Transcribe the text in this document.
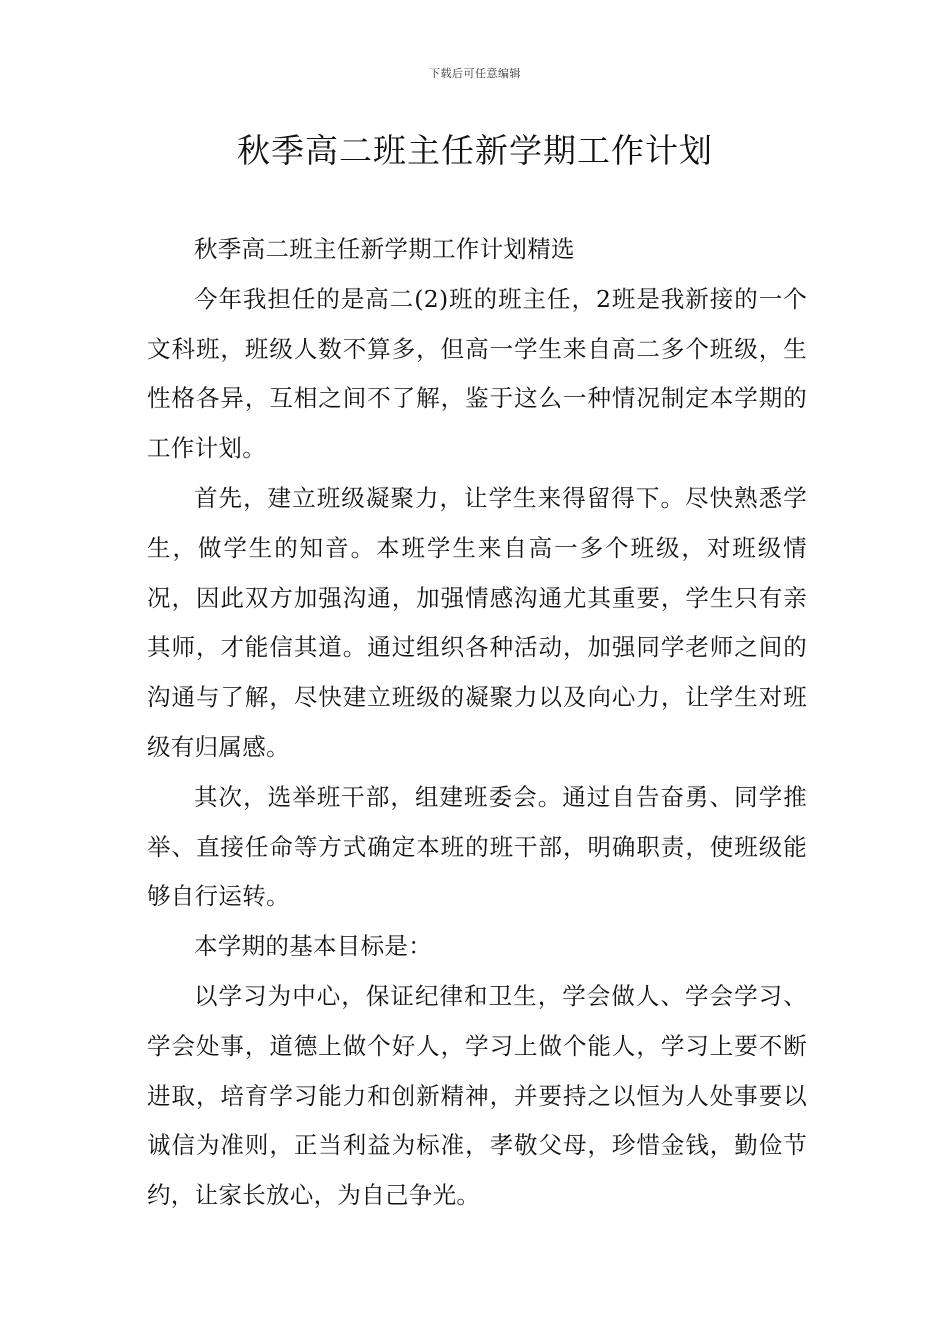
下载后可任意编辑
秋季高二班主任新学期工作计划

秋季高二班主任新学期工作计划精选

今年我担任的是高二(2)班的班主任，2班是我新接的一个文科班，班级人数不算多，但高一学生来自高二多个班级，生性格各异，互相之间不了解，鉴于这么一种情况制定本学期的工作计划。

首先，建立班级凝聚力，让学生来得留得下。尽快熟悉学生，做学生的知音。本班学生来自高一多个班级，对班级情况，因此双方加强沟通，加强情感沟通尤其重要，学生只有亲其师，才能信其道。通过组织各种活动，加强同学老师之间的沟通与了解，尽快建立班级的凝聚力以及向心力，让学生对班级有归属感。

其次，选举班干部，组建班委会。通过自告奋勇、同学推举、直接任命等方式确定本班的班干部，明确职责，使班级能够自行运转。

本学期的基本目标是：

以学习为中心，保证纪律和卫生，学会做人、学会学习、学会处事，道德上做个好人，学习上做个能人，学习上要不断进取，培育学习能力和创新精神，并要持之以恒为人处事要以诚信为准则，正当利益为标准，孝敬父母，珍惜金钱，勤俭节约，让家长放心，为自己争光。
